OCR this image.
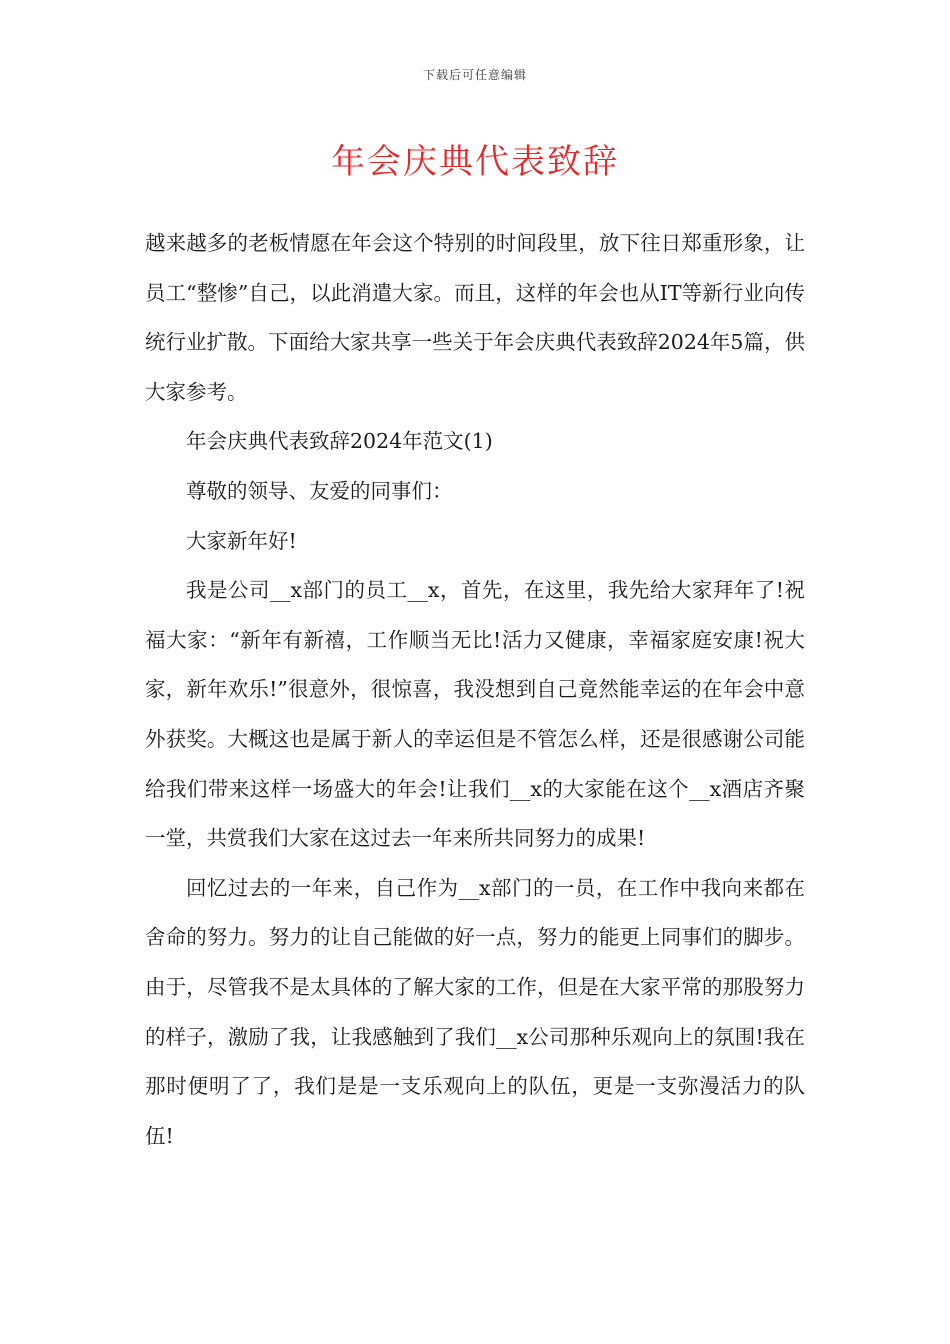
下载后可任意编辑
年会庆典代表致辞

越来越多的老板情愿在年会这个特别的时间段里，放下往日郑重形象，让员工“整惨”自己，以此消遣大家。而且，这样的年会也从IT等新行业向传统行业扩散。下面给大家共享一些关于年会庆典代表致辞2024年5篇，供大家参考。

年会庆典代表致辞2024年范文(1)

尊敬的领导、友爱的同事们：

大家新年好!

我是公司__x部门的员工__x，首先，在这里，我先给大家拜年了!祝福大家：“新年有新禧，工作顺当无比!活力又健康，幸福家庭安康!祝大家，新年欢乐!”很意外，很惊喜，我没想到自己竟然能幸运的在年会中意外获奖。大概这也是属于新人的幸运但是不管怎么样，还是很感谢公司能给我们带来这样一场盛大的年会!让我们__x的大家能在这个__x酒店齐聚一堂，共赏我们大家在这过去一年来所共同努力的成果!

回忆过去的一年来，自己作为__x部门的一员，在工作中我向来都在舍命的努力。努力的让自己能做的好一点，努力的能更上同事们的脚步。由于，尽管我不是太具体的了解大家的工作，但是在大家平常的那股努力的样子，激励了我，让我感触到了我们__x公司那种乐观向上的氛围!我在那时便明了了，我们是是一支乐观向上的队伍，更是一支弥漫活力的队伍!
